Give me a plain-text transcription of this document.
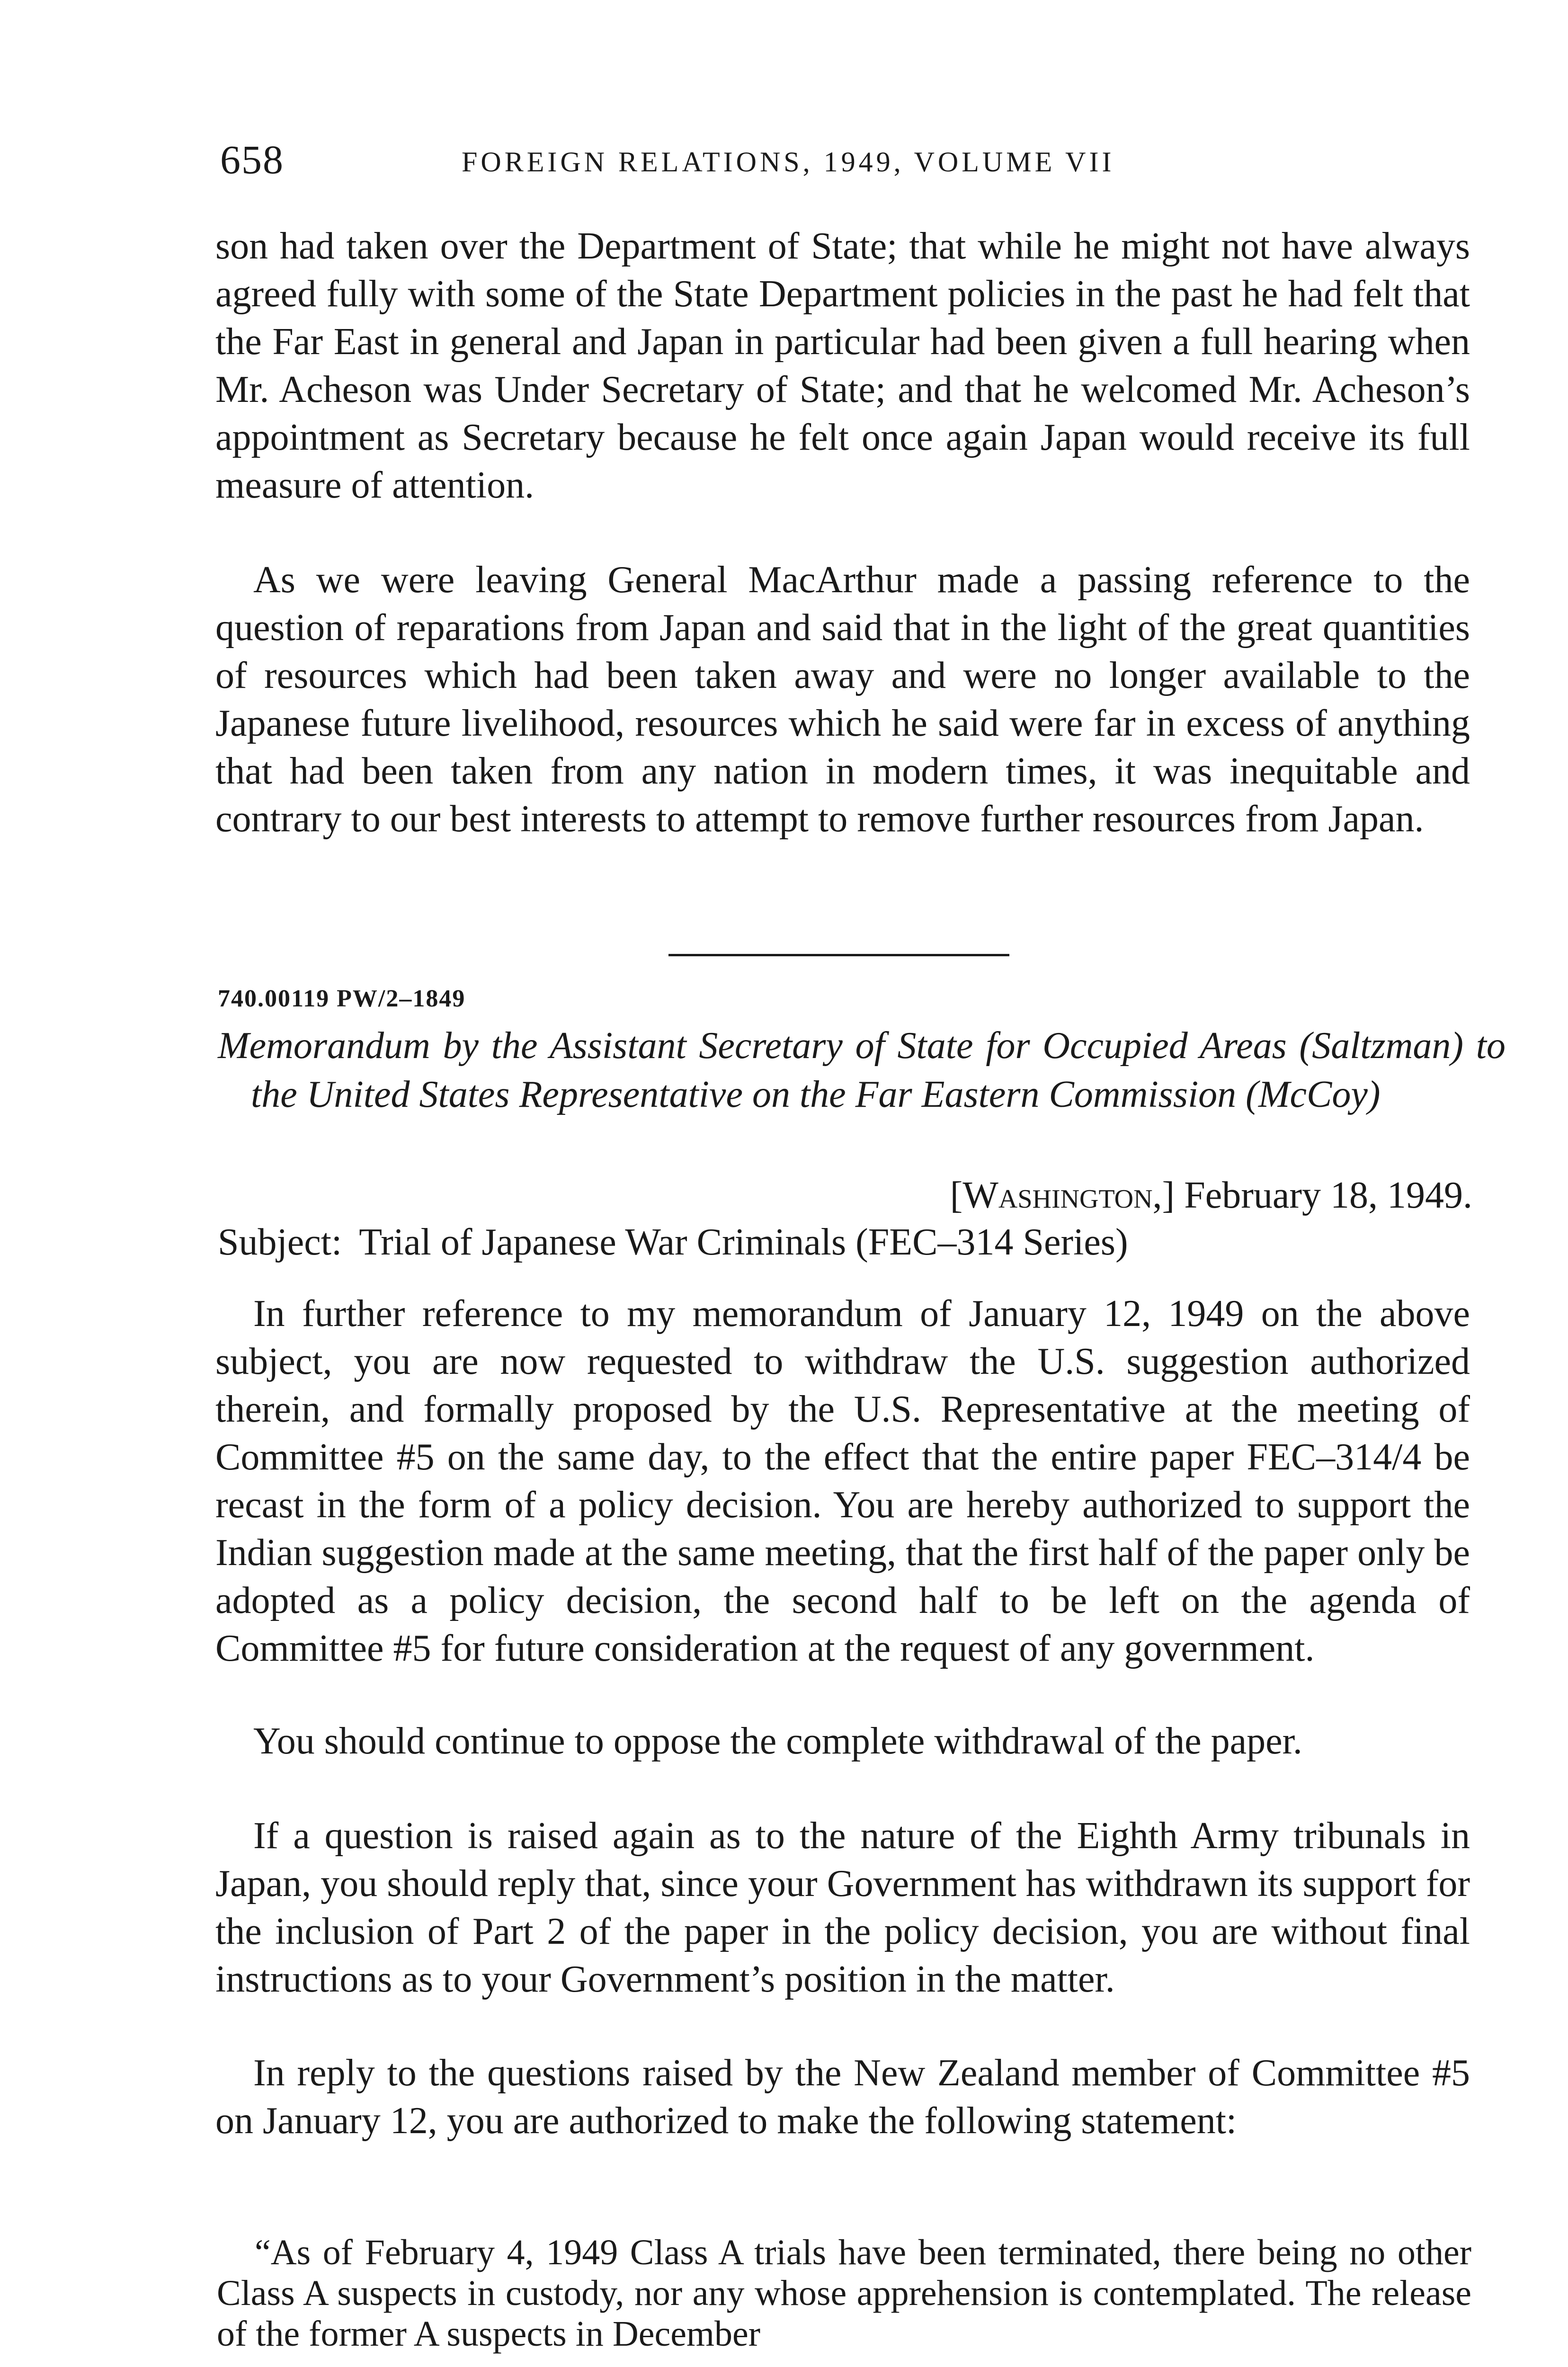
658	FOREIGN RELATIONS, 1949, VOLUME VII

son had taken over the Department of State; that while he might not have always agreed fully with some of the State Department policies in the past he had felt that the Far East in general and Japan in particular had been given a full hearing when Mr. Acheson was Under Secretary of State; and that he welcomed Mr. Acheson’s appointment as Secretary because he felt once again Japan would receive its full measure of attention.

As we were leaving General MacArthur made a passing reference to the question of reparations from Japan and said that in the light of the great quantities of resources which had been taken away and were no longer available to the Japanese future livelihood, resources which he said were far in excess of anything that had been taken from any nation in modern times, it was inequitable and contrary to our best interests to attempt to remove further resources from Japan.

740.00119 PW/2–1849

Memorandum by the Assistant Secretary of State for Occupied Areas (Saltzman) to the United States Representative on the Far Eastern Commission (McCoy)

[Washington,] February 18, 1949.
Subject: Trial of Japanese War Criminals (FEC–314 Series)

In further reference to my memorandum of January 12, 1949 on the above subject, you are now requested to withdraw the U.S. suggestion authorized therein, and formally proposed by the U.S. Representative at the meeting of Committee #5 on the same day, to the effect that the entire paper FEC–314/4 be recast in the form of a policy decision. You are hereby authorized to support the Indian suggestion made at the same meeting, that the first half of the paper only be adopted as a policy decision, the second half to be left on the agenda of Committee #5 for future consideration at the request of any government.

You should continue to oppose the complete withdrawal of the paper.

If a question is raised again as to the nature of the Eighth Army tribunals in Japan, you should reply that, since your Government has withdrawn its support for the inclusion of Part 2 of the paper in the policy decision, you are without final instructions as to your Government’s position in the matter.

In reply to the questions raised by the New Zealand member of Committee #5 on January 12, you are authorized to make the following statement:

“As of February 4, 1949 Class A trials have been terminated, there being no other Class A suspects in custody, nor any whose apprehension is contemplated. The release of the former A suspects in December
